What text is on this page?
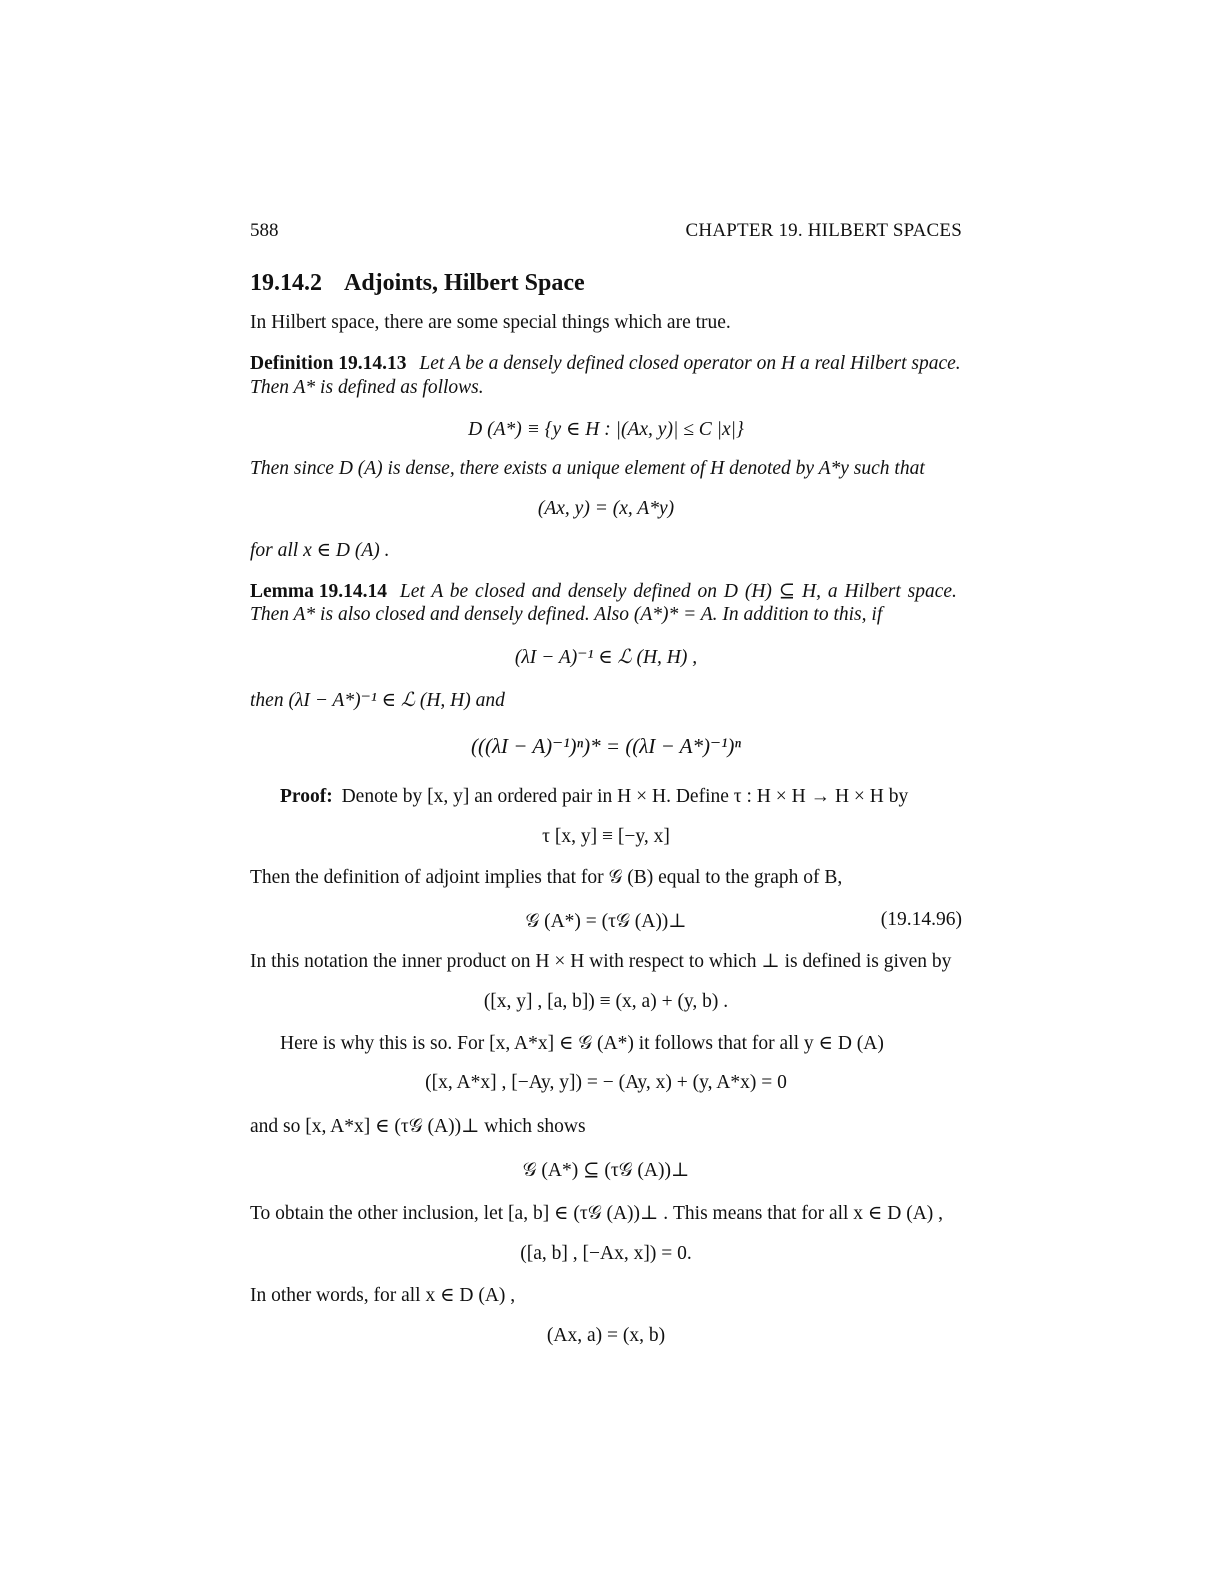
588	CHAPTER 19. HILBERT SPACES
19.14.2 Adjoints, Hilbert Space
In Hilbert space, there are some special things which are true.
Definition 19.14.13 Let A be a densely defined closed operator on H a real Hilbert space.
Then A* is defined as follows.
D (A*) ≡ {y ∈ H : |(Ax, y)| ≤ C |x|}
Then since D (A) is dense, there exists a unique element of H denoted by A*y such that
(Ax, y) = (x, A*y)
for all x ∈ D (A) .
Lemma 19.14.14 Let A be closed and densely defined on D (H) ⊆ H, a Hilbert space.
Then A* is also closed and densely defined. Also (A*)* = A. In addition to this, if
(λI − A)⁻¹ ∈ ℒ (H, H) ,
then (λI − A*)⁻¹ ∈ ℒ (H, H) and
(((λI − A)⁻¹)ⁿ)* = ((λI − A*)⁻¹)ⁿ
Proof: Denote by [x, y] an ordered pair in H × H. Define τ : H × H → H × H by
τ [x, y] ≡ [−y, x]
Then the definition of adjoint implies that for 𝒢 (B) equal to the graph of B,
𝒢 (A*) = (τ𝒢 (A))⊥	(19.14.96)
In this notation the inner product on H × H with respect to which ⊥ is defined is given by
([x, y] , [a, b]) ≡ (x, a) + (y, b) .
Here is why this is so. For [x, A*x] ∈ 𝒢 (A*) it follows that for all y ∈ D (A)
([x, A*x] , [−Ay, y]) = − (Ay, x) + (y, A*x) = 0
and so [x, A*x] ∈ (τ𝒢 (A))⊥ which shows
𝒢 (A*) ⊆ (τ𝒢 (A))⊥
To obtain the other inclusion, let [a, b] ∈ (τ𝒢 (A))⊥ . This means that for all x ∈ D (A) ,
([a, b] , [−Ax, x]) = 0.
In other words, for all x ∈ D (A) ,
(Ax, a) = (x, b)
